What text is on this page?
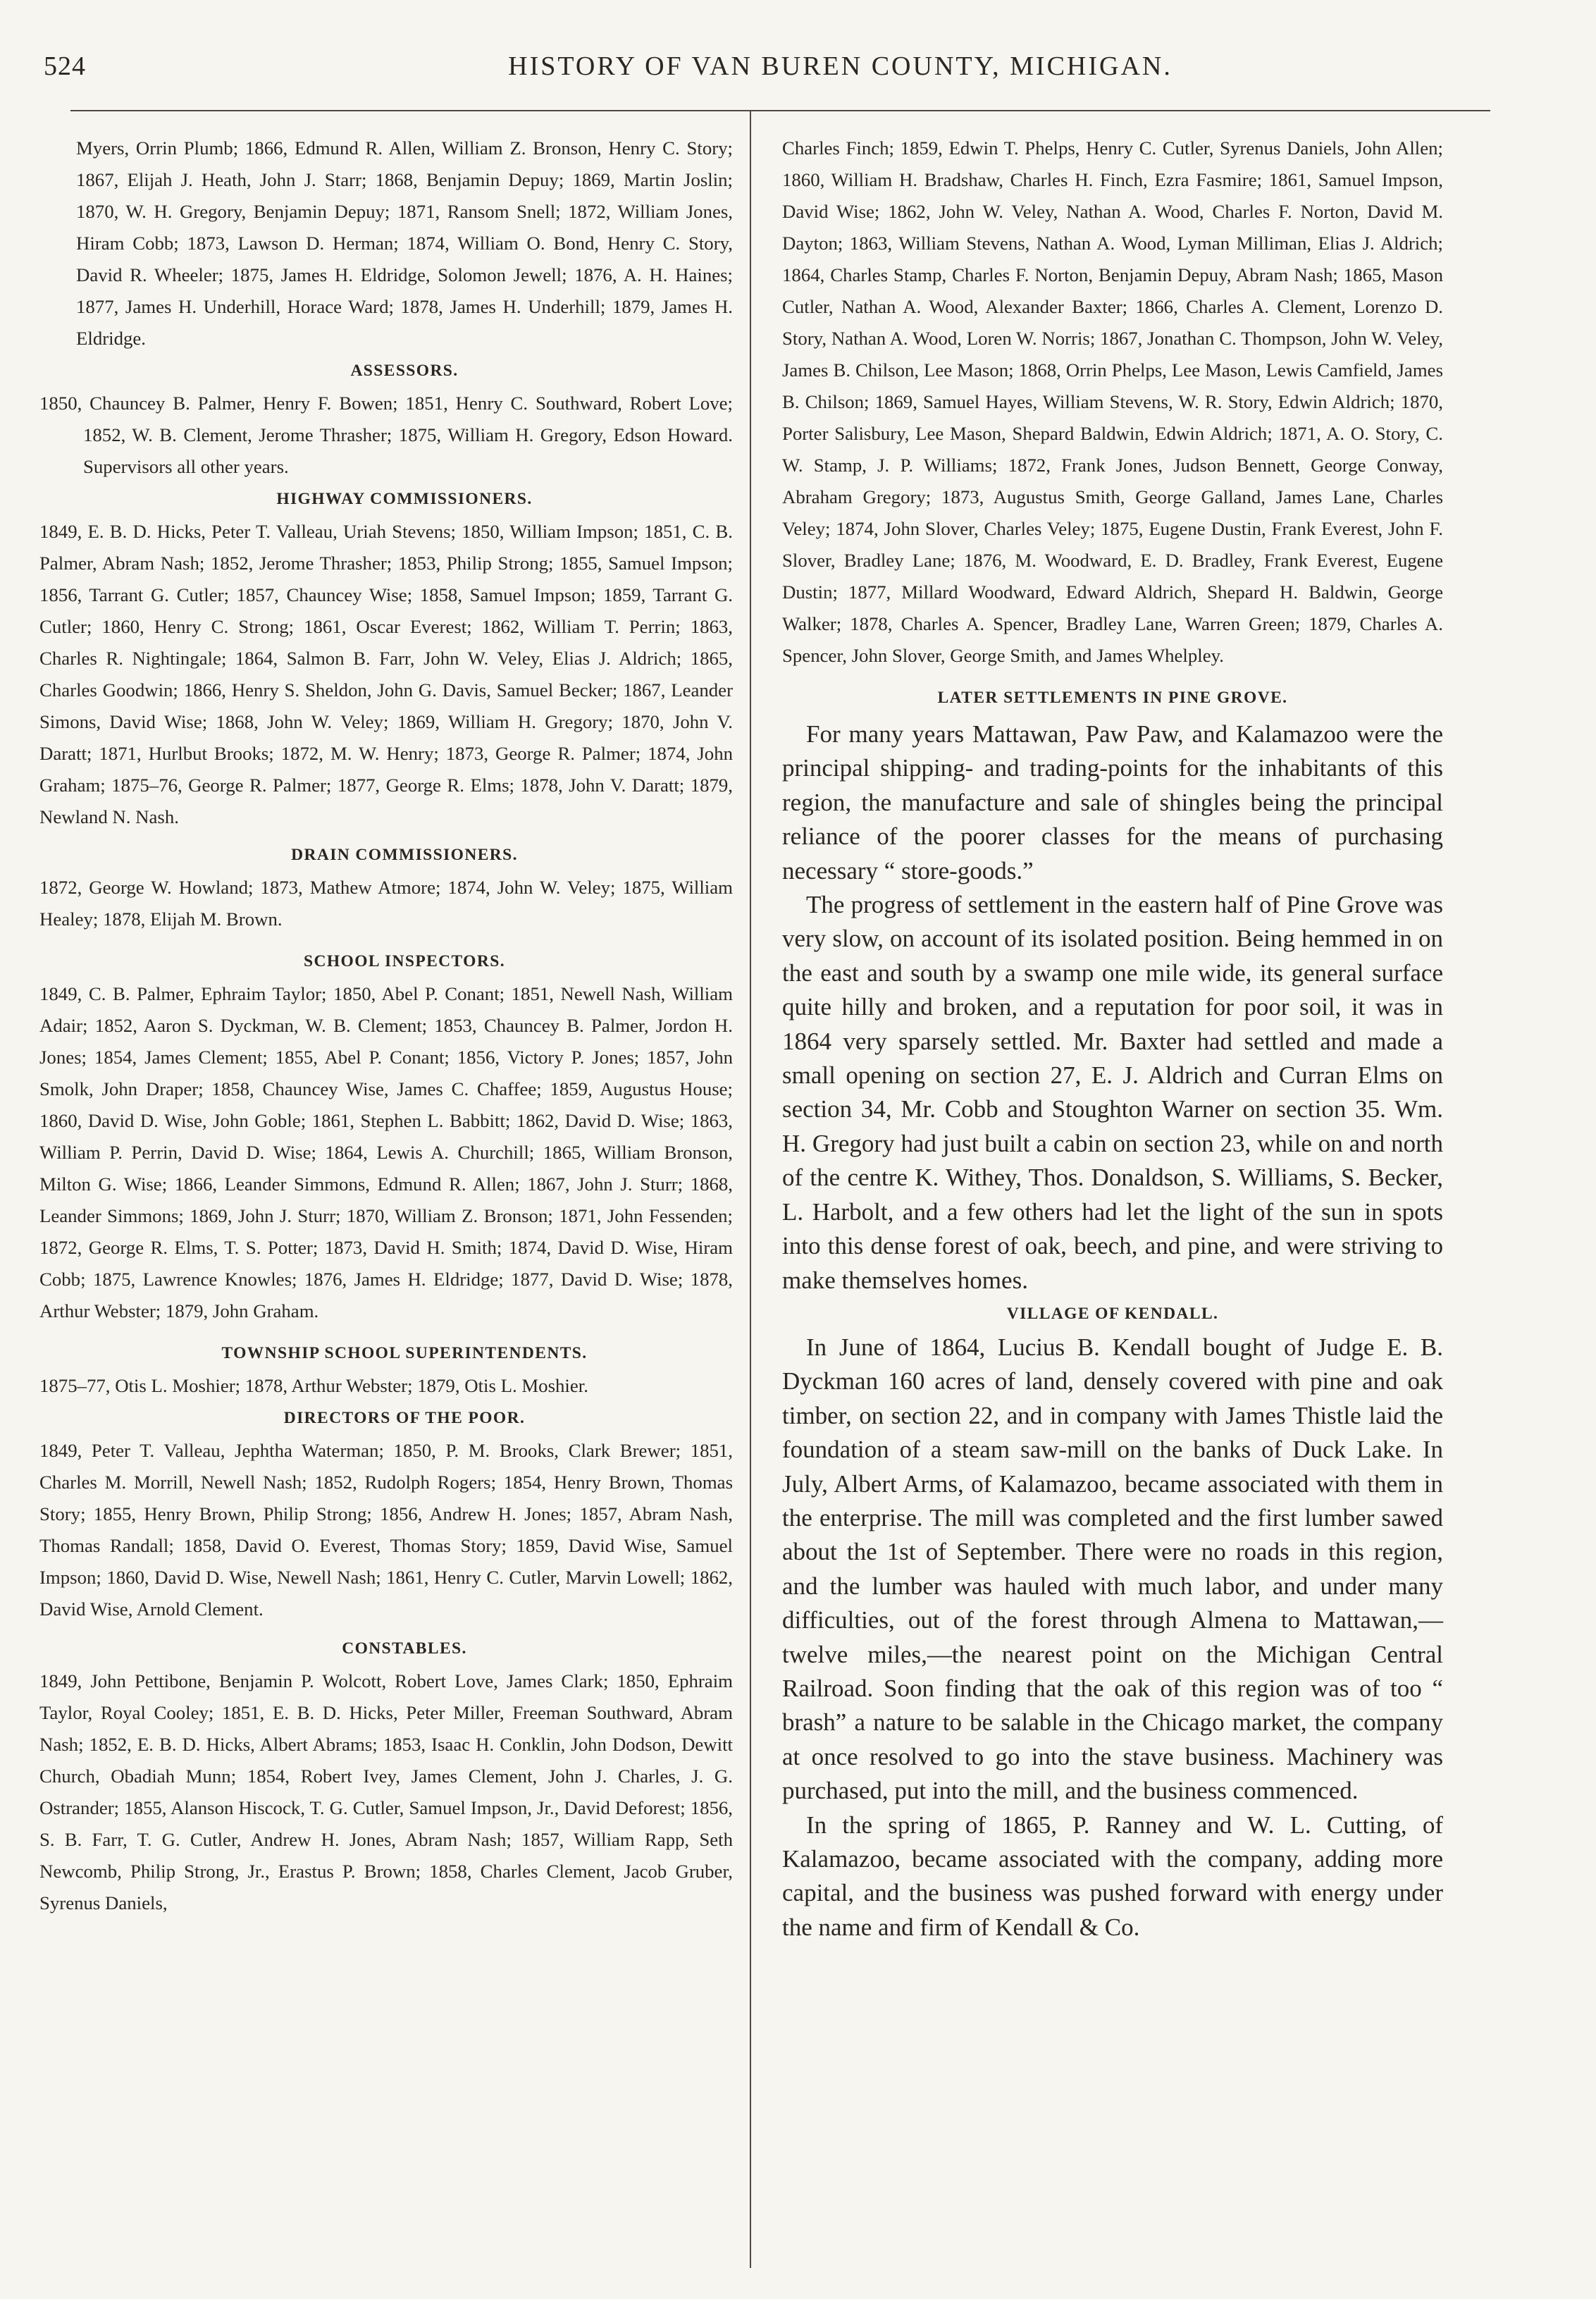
524	HISTORY OF VAN BUREN COUNTY, MICHIGAN.

Myers, Orrin Plumb; 1866, Edmund R. Allen, William Z. Bronson, Henry C. Story; 1867, Elijah J. Heath, John J. Starr; 1868, Benjamin Depuy; 1869, Martin Joslin; 1870, W. H. Gregory, Benjamin Depuy; 1871, Ransom Snell; 1872, William Jones, Hiram Cobb; 1873, Lawson D. Herman; 1874, William O. Bond, Henry C. Story, David R. Wheeler; 1875, James H. Eldridge, Solomon Jewell; 1876, A. H. Haines; 1877, James H. Underhill, Horace Ward; 1878, James H. Underhill; 1879, James H. Eldridge.

ASSESSORS.

1850, Chauncey B. Palmer, Henry F. Bowen; 1851, Henry C. Southward, Robert Love; 1852, W. B. Clement, Jerome Thrasher; 1875, William H. Gregory, Edson Howard. Supervisors all other years.

HIGHWAY COMMISSIONERS.

1849, E. B. D. Hicks, Peter T. Valleau, Uriah Stevens; 1850, William Impson; 1851, C. B. Palmer, Abram Nash; 1852, Jerome Thrasher; 1853, Philip Strong; 1855, Samuel Impson; 1856, Tarrant G. Cutler; 1857, Chauncey Wise; 1858, Samuel Impson; 1859, Tarrant G. Cutler; 1860, Henry C. Strong; 1861, Oscar Everest; 1862, William T. Perrin; 1863, Charles R. Nightingale; 1864, Salmon B. Farr, John W. Veley, Elias J. Aldrich; 1865, Charles Goodwin; 1866, Henry S. Sheldon, John G. Davis, Samuel Becker; 1867, Leander Simons, David Wise; 1868, John W. Veley; 1869, William H. Gregory; 1870, John V. Daratt; 1871, Hurlbut Brooks; 1872, M. W. Henry; 1873, George R. Palmer; 1874, John Graham; 1875–76, George R. Palmer; 1877, George R. Elms; 1878, John V. Daratt; 1879, Newland N. Nash.

DRAIN COMMISSIONERS.

1872, George W. Howland; 1873, Mathew Atmore; 1874, John W. Veley; 1875, William Healey; 1878, Elijah M. Brown.

SCHOOL INSPECTORS.

1849, C. B. Palmer, Ephraim Taylor; 1850, Abel P. Conant; 1851, Newell Nash, William Adair; 1852, Aaron S. Dyckman, W. B. Clement; 1853, Chauncey B. Palmer, Jordon H. Jones; 1854, James Clement; 1855, Abel P. Conant; 1856, Victory P. Jones; 1857, John Smolk, John Draper; 1858, Chauncey Wise, James C. Chaffee; 1859, Augustus House; 1860, David D. Wise, John Goble; 1861, Stephen L. Babbitt; 1862, David D. Wise; 1863, William P. Perrin, David D. Wise; 1864, Lewis A. Churchill; 1865, William Bronson, Milton G. Wise; 1866, Leander Simmons, Edmund R. Allen; 1867, John J. Sturr; 1868, Leander Simmons; 1869, John J. Sturr; 1870, William Z. Bronson; 1871, John Fessenden; 1872, George R. Elms, T. S. Potter; 1873, David H. Smith; 1874, David D. Wise, Hiram Cobb; 1875, Lawrence Knowles; 1876, James H. Eldridge; 1877, David D. Wise; 1878, Arthur Webster; 1879, John Graham.

TOWNSHIP SCHOOL SUPERINTENDENTS.

1875–77, Otis L. Moshier; 1878, Arthur Webster; 1879, Otis L. Moshier.

DIRECTORS OF THE POOR.

1849, Peter T. Valleau, Jephtha Waterman; 1850, P. M. Brooks, Clark Brewer; 1851, Charles M. Morrill, Newell Nash; 1852, Rudolph Rogers; 1854, Henry Brown, Thomas Story; 1855, Henry Brown, Philip Strong; 1856, Andrew H. Jones; 1857, Abram Nash, Thomas Randall; 1858, David O. Everest, Thomas Story; 1859, David Wise, Samuel Impson; 1860, David D. Wise, Newell Nash; 1861, Henry C. Cutler, Marvin Lowell; 1862, David Wise, Arnold Clement.

CONSTABLES.

1849, John Pettibone, Benjamin P. Wolcott, Robert Love, James Clark; 1850, Ephraim Taylor, Royal Cooley; 1851, E. B. D. Hicks, Peter Miller, Freeman Southward, Abram Nash; 1852, E. B. D. Hicks, Albert Abrams; 1853, Isaac H. Conklin, John Dodson, Dewitt Church, Obadiah Munn; 1854, Robert Ivey, James Clement, John J. Charles, J. G. Ostrander; 1855, Alanson Hiscock, T. G. Cutler, Samuel Impson, Jr., David Deforest; 1856, S. B. Farr, T. G. Cutler, Andrew H. Jones, Abram Nash; 1857, William Rapp, Seth Newcomb, Philip Strong, Jr., Erastus P. Brown; 1858, Charles Clement, Jacob Gruber, Syrenus Daniels,

Charles Finch; 1859, Edwin T. Phelps, Henry C. Cutler, Syrenus Daniels, John Allen; 1860, William H. Bradshaw, Charles H. Finch, Ezra Fasmire; 1861, Samuel Impson, David Wise; 1862, John W. Veley, Nathan A. Wood, Charles F. Norton, David M. Dayton; 1863, William Stevens, Nathan A. Wood, Lyman Milliman, Elias J. Aldrich; 1864, Charles Stamp, Charles F. Norton, Benjamin Depuy, Abram Nash; 1865, Mason Cutler, Nathan A. Wood, Alexander Baxter; 1866, Charles A. Clement, Lorenzo D. Story, Nathan A. Wood, Loren W. Norris; 1867, Jonathan C. Thompson, John W. Veley, James B. Chilson, Lee Mason; 1868, Orrin Phelps, Lee Mason, Lewis Camfield, James B. Chilson; 1869, Samuel Hayes, William Stevens, W. R. Story, Edwin Aldrich; 1870, Porter Salisbury, Lee Mason, Shepard Baldwin, Edwin Aldrich; 1871, A. O. Story, C. W. Stamp, J. P. Williams; 1872, Frank Jones, Judson Bennett, George Conway, Abraham Gregory; 1873, Augustus Smith, George Galland, James Lane, Charles Veley; 1874, John Slover, Charles Veley; 1875, Eugene Dustin, Frank Everest, John F. Slover, Bradley Lane; 1876, M. Woodward, E. D. Bradley, Frank Everest, Eugene Dustin; 1877, Millard Woodward, Edward Aldrich, Shepard H. Baldwin, George Walker; 1878, Charles A. Spencer, Bradley Lane, Warren Green; 1879, Charles A. Spencer, John Slover, George Smith, and James Whelpley.

LATER SETTLEMENTS IN PINE GROVE.

For many years Mattawan, Paw Paw, and Kalamazoo were the principal shipping- and trading-points for the inhabitants of this region, the manufacture and sale of shingles being the principal reliance of the poorer classes for the means of purchasing necessary “ store-goods.”

The progress of settlement in the eastern half of Pine Grove was very slow, on account of its isolated position. Being hemmed in on the east and south by a swamp one mile wide, its general surface quite hilly and broken, and a reputation for poor soil, it was in 1864 very sparsely settled. Mr. Baxter had settled and made a small opening on section 27, E. J. Aldrich and Curran Elms on section 34, Mr. Cobb and Stoughton Warner on section 35. Wm. H. Gregory had just built a cabin on section 23, while on and north of the centre K. Withey, Thos. Donaldson, S. Williams, S. Becker, L. Harbolt, and a few others had let the light of the sun in spots into this dense forest of oak, beech, and pine, and were striving to make themselves homes.

VILLAGE OF KENDALL.

In June of 1864, Lucius B. Kendall bought of Judge E. B. Dyckman 160 acres of land, densely covered with pine and oak timber, on section 22, and in company with James Thistle laid the foundation of a steam saw-mill on the banks of Duck Lake. In July, Albert Arms, of Kalamazoo, became associated with them in the enterprise. The mill was completed and the first lumber sawed about the 1st of September. There were no roads in this region, and the lumber was hauled with much labor, and under many difficulties, out of the forest through Almena to Mattawan,—twelve miles,—the nearest point on the Michigan Central Railroad. Soon finding that the oak of this region was of too “ brash” a nature to be salable in the Chicago market, the company at once resolved to go into the stave business. Machinery was purchased, put into the mill, and the business commenced.

In the spring of 1865, P. Ranney and W. L. Cutting, of Kalamazoo, became associated with the company, adding more capital, and the business was pushed forward with energy under the name and firm of Kendall & Co.
